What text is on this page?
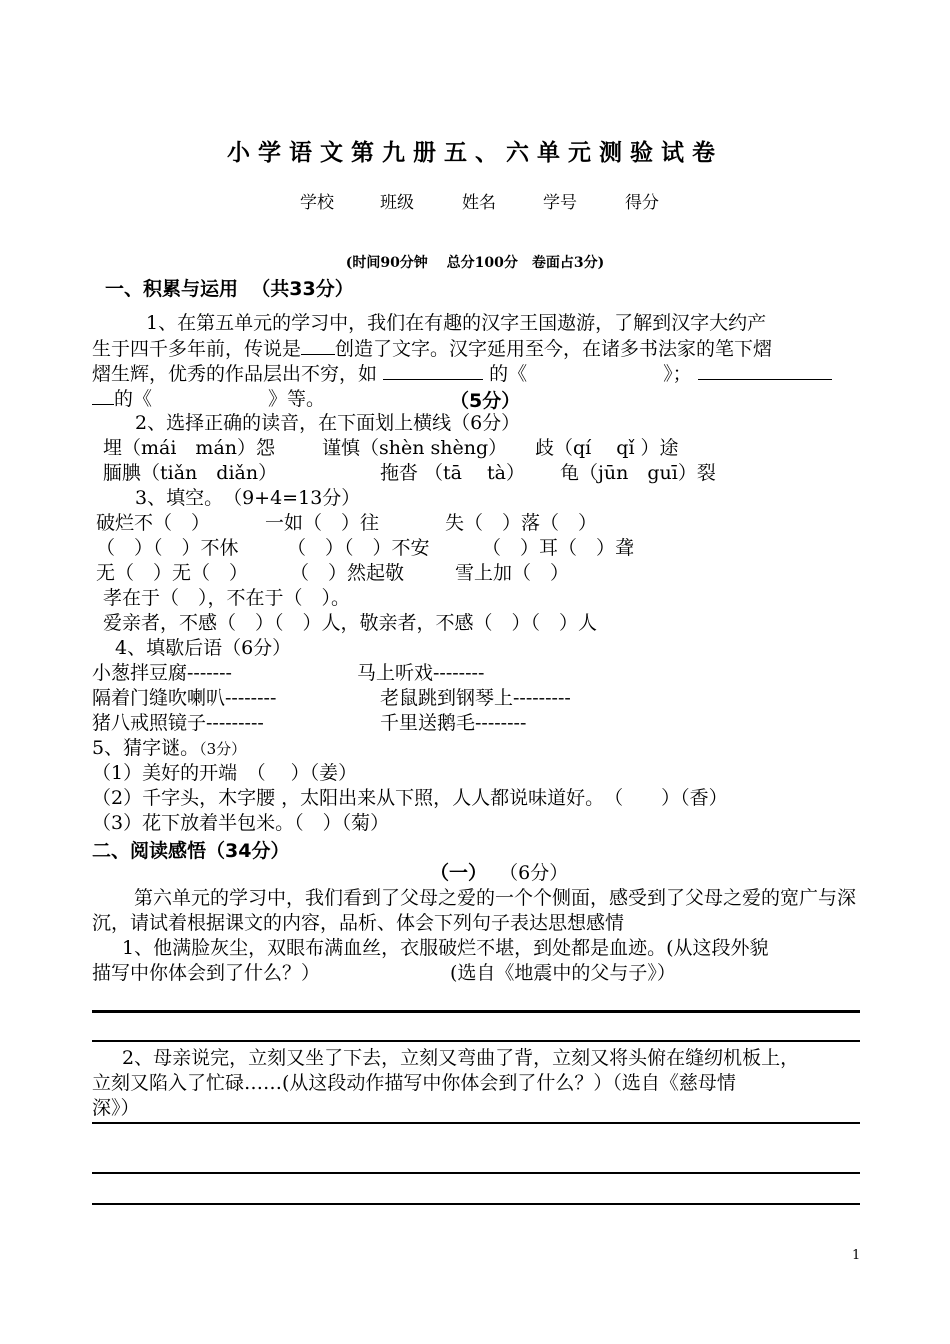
小学语文第九册五、六单元测验试卷
学校	班级	姓名	学号	得分
(时间90分钟　 总分100分　卷面占3分)
一、积累与运用 （共33分）
1、在第五单元的学习中，我们在有趣的汉字王国遨游，了解到汉字大约产
生于四千多年前，传说是 创造了文字。汉字延用至今，在诸多书法家的笔下熠
熠生辉，优秀的作品层出不穷，如	的《	》；
的《	》等。	（5分）
2、选择正确的读音，在下面划上横线（6分）
埋（mái　mán）怨 谨慎（shèn shèng） 歧（qí　 qǐ ）途
腼腆（tiǎn　diǎn）	拖沓 （tā　 tà） 龟（jūn　guī）裂
3、填空。　（9+4=13分）
破烂不（　）	一如（　）往	失（　）落（　）
（　）（　）不休	（　）（　）不安	（　）耳（　）聋
无（　）无（　） （　）然起敬	雪上加（　）
孝在于（　），不在于（　）。
爱亲者，不感（　）（　）人，敬亲者，不感（　）（　）人
4、填歇后语（6分）
小葱拌豆腐-------	马上听戏--------
隔着门缝吹喇叭--------	老鼠跳到钢琴上---------
猪八戒照镜子---------	千里送鹅毛--------
5、猜字谜。（3分）
（1）美好的开端　（　 ）（姜）
（2）千字头，木字腰 ，太阳出来从下照，人人都说味道好。　（　　）（香）
（3）花下放着半包米。（　）（菊）
二、阅读感悟（34分）
（一） （6分）
第六单元的学习中，我们看到了父母之爱的一个个侧面，感受到了父母之爱的宽广与深沉，请试着根据课文的内容，品析、体会下列句子表达思想感情
1、他满脸灰尘，双眼布满血丝，衣服破烂不堪，到处都是血迹。(从这段外貌
描写中你体会到了什么？）	(选自《地震中的父与子》）
2、母亲说完，立刻又坐了下去，立刻又弯曲了背，立刻又将头俯在缝纫机板上，
立刻又陷入了忙碌……(从这段动作描写中你体会到了什么？）（选自《慈母情
深》）
1
